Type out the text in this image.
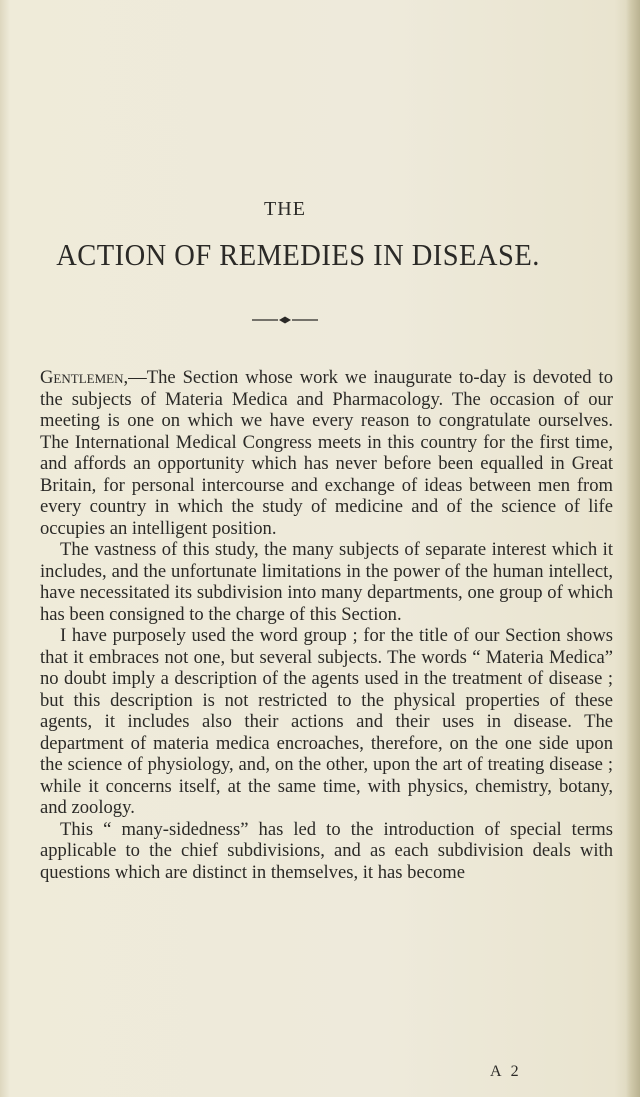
THE
ACTION OF REMEDIES IN DISEASE.

Gentlemen,—The Section whose work we inaugurate to-day is devoted to the subjects of Materia Medica and Pharmacology. The occasion of our meeting is one on which we have every reason to congratulate ourselves. The International Medical Congress meets in this country for the first time, and affords an opportunity which has never before been equalled in Great Britain, for personal intercourse and exchange of ideas between men from every country in which the study of medicine and of the science of life occupies an intelligent position.

The vastness of this study, the many subjects of separate interest which it includes, and the unfortunate limitations in the power of the human intellect, have necessitated its subdivision into many departments, one group of which has been consigned to the charge of this Section.

I have purposely used the word group ; for the title of our Section shows that it embraces not one, but several subjects. The words “ Materia Medica” no doubt imply a description of the agents used in the treatment of disease ; but this description is not restricted to the physical properties of these agents, it includes also their actions and their uses in disease. The department of materia medica encroaches, therefore, on the one side upon the science of physiology, and, on the other, upon the art of treating disease ; while it concerns itself, at the same time, with physics, chemistry, botany, and zoology.

This “ many-sidedness” has led to the introduction of special terms applicable to the chief subdivisions, and as each subdivision deals with questions which are distinct in themselves, it has become

A 2
